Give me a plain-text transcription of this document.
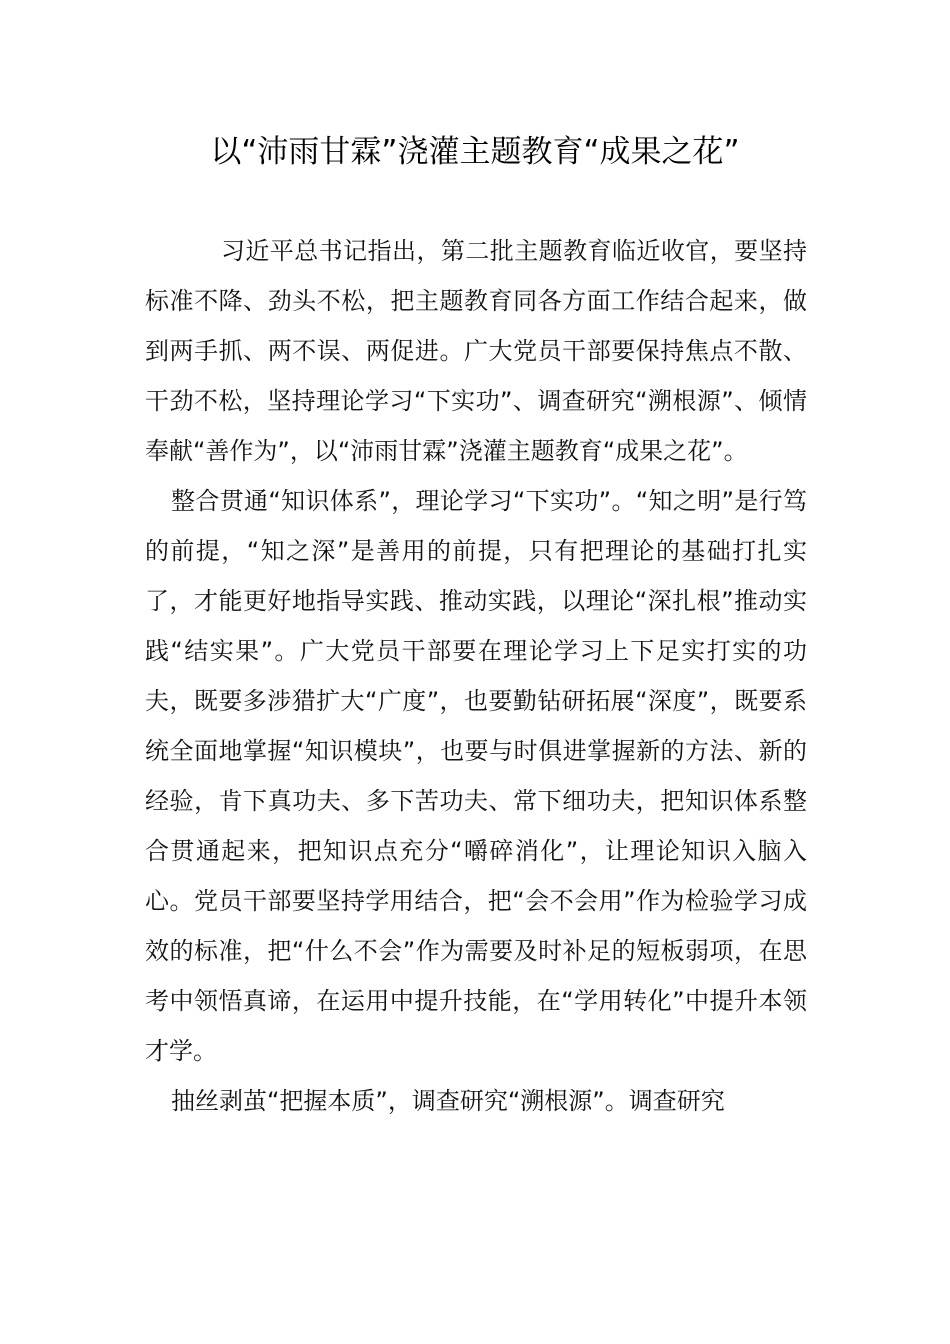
以“沛雨甘霖”浇灌主题教育“成果之花”

习近平总书记指出，第二批主题教育临近收官，要坚持标准不降、劲头不松，把主题教育同各方面工作结合起来，做到两手抓、两不误、两促进。广大党员干部要保持焦点不散、干劲不松，坚持理论学习“下实功”、调查研究“溯根源”、倾情奉献“善作为”，以“沛雨甘霖”浇灌主题教育“成果之花”。

整合贯通“知识体系”，理论学习“下实功”。“知之明”是行笃的前提，“知之深”是善用的前提，只有把理论的基础打扎实了，才能更好地指导实践、推动实践，以理论“深扎根”推动实践“结实果”。广大党员干部要在理论学习上下足实打实的功夫，既要多涉猎扩大“广度”，也要勤钻研拓展“深度”，既要系统全面地掌握“知识模块”，也要与时俱进掌握新的方法、新的经验，肯下真功夫、多下苦功夫、常下细功夫，把知识体系整合贯通起来，把知识点充分“嚼碎消化”，让理论知识入脑入心。党员干部要坚持学用结合，把“会不会用”作为检验学习成效的标准，把“什么不会”作为需要及时补足的短板弱项，在思考中领悟真谛，在运用中提升技能，在“学用转化”中提升本领才学。

抽丝剥茧“把握本质”，调查研究“溯根源”。调查研究
